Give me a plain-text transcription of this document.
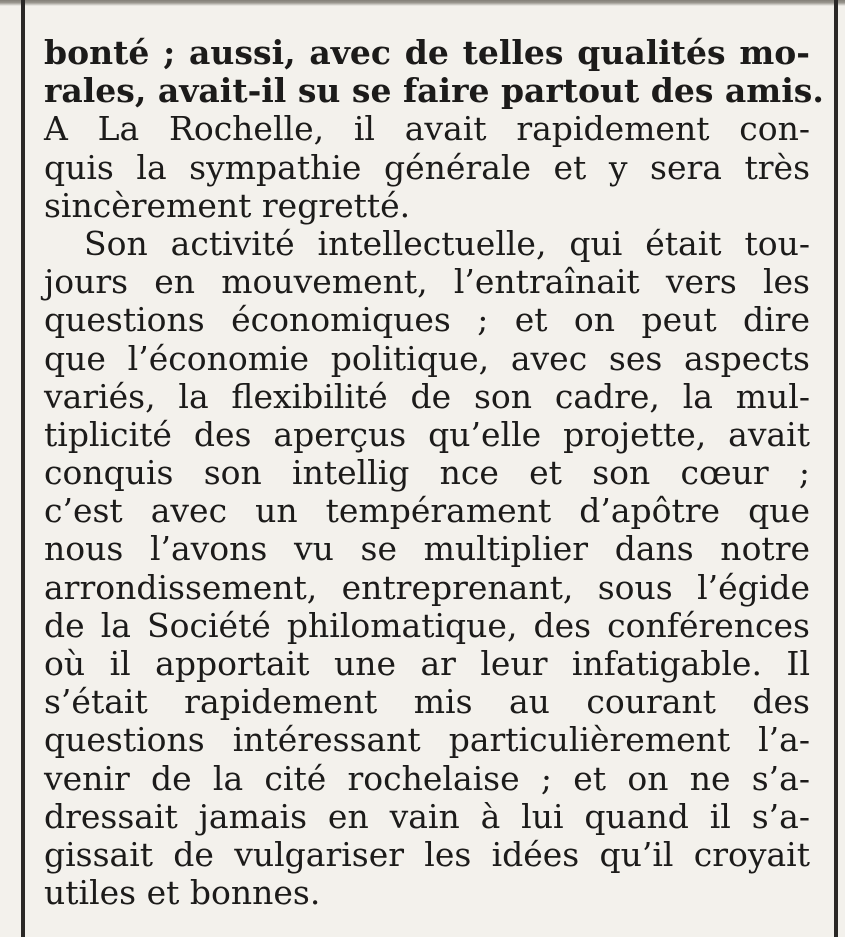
bonté ; aussi, avec de telles qualités mo-
rales, avait-il su se faire partout des amis.
A La Rochelle, il avait rapidement con-
quis la sympathie générale et y sera très
sincèrement regretté.
Son activité intellectuelle, qui était tou-
jours en mouvement, l’entraînait vers les
questions économiques ; et on peut dire
que l’économie politique, avec ses aspects
variés, la flexibilité de son cadre, la mul-
tiplicité des aperçus qu’elle projette, avait
conquis son intellig nce et son cœur ;
c’est avec un tempérament d’apôtre que
nous l’avons vu se multiplier dans notre
arrondissement, entreprenant, sous l’égide
de la Société philomatique, des conférences
où il apportait une ar leur infatigable. Il
s’était rapidement mis au courant des
questions intéressant particulièrement l’a-
venir de la cité rochelaise ; et on ne s’a-
dressait jamais en vain à lui quand il s’a-
gissait de vulgariser les idées qu’il croyait
utiles et bonnes.
